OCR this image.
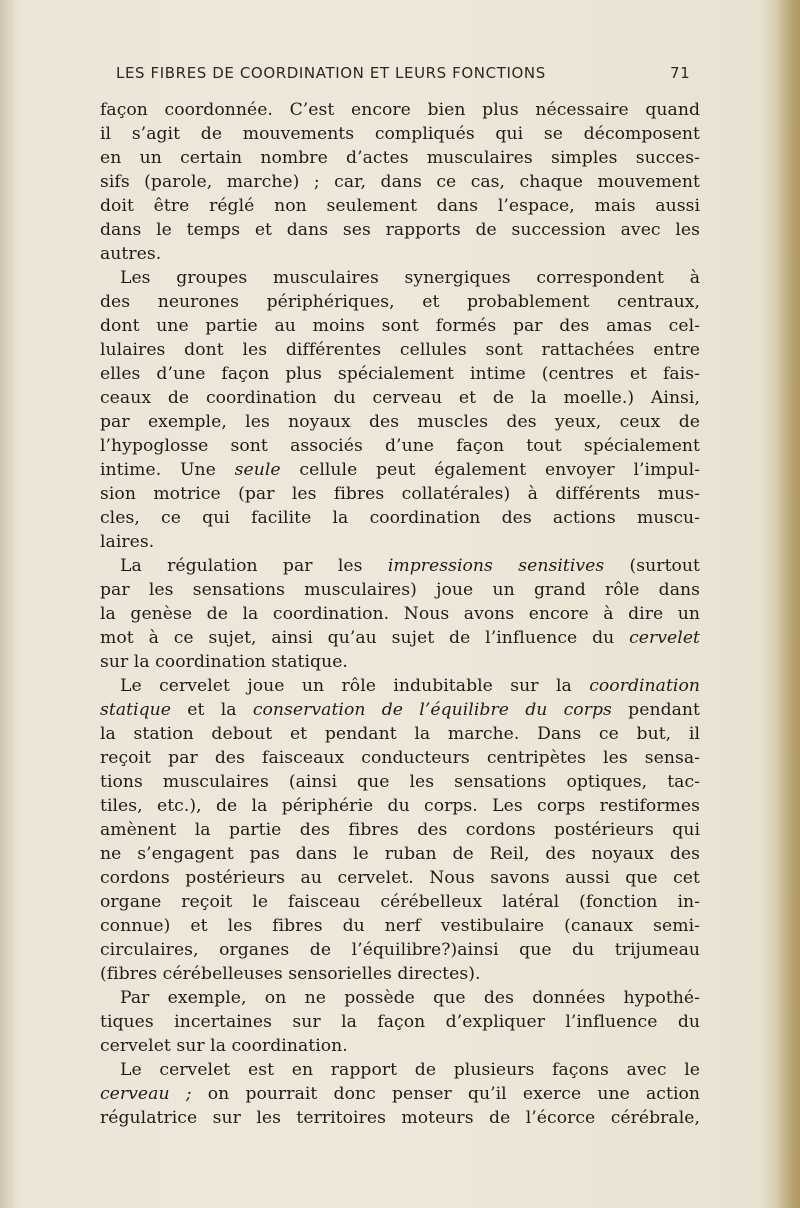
LES FIBRES DE COORDINATION ET LEURS FONCTIONS	71
façon coordonnée. C’est encore bien plus nécessaire quand
il s’agit de mouvements compliqués qui se décomposent
en un certain nombre d’actes musculaires simples succes-
sifs (parole, marche) ; car, dans ce cas, chaque mouvement
doit être réglé non seulement dans l’espace, mais aussi
dans le temps et dans ses rapports de succession avec les
autres.
Les groupes musculaires synergiques correspondent à
des neurones périphériques, et probablement centraux,
dont une partie au moins sont formés par des amas cel-
lulaires dont les différentes cellules sont rattachées entre
elles d’une façon plus spécialement intime (centres et fais-
ceaux de coordination du cerveau et de la moelle.) Ainsi,
par exemple, les noyaux des muscles des yeux, ceux de
l’hypoglosse sont associés d’une façon tout spécialement
intime. Une seule cellule peut également envoyer l’impul-
sion motrice (par les fibres collatérales) à différents mus-
cles, ce qui facilite la coordination des actions muscu-
laires.
La régulation par les impressions sensitives (surtout
par les sensations musculaires) joue un grand rôle dans
la genèse de la coordination. Nous avons encore à dire un
mot à ce sujet, ainsi qu’au sujet de l’influence du cervelet
sur la coordination statique.
Le cervelet joue un rôle indubitable sur la coordination
statique et la conservation de l’équilibre du corps pendant
la station debout et pendant la marche. Dans ce but, il
reçoit par des faisceaux conducteurs centripètes les sensa-
tions musculaires (ainsi que les sensations optiques, tac-
tiles, etc.), de la périphérie du corps. Les corps restiformes
amènent la partie des fibres des cordons postérieurs qui
ne s’engagent pas dans le ruban de Reil, des noyaux des
cordons postérieurs au cervelet. Nous savons aussi que cet
organe reçoit le faisceau cérébelleux latéral (fonction in-
connue) et les fibres du nerf vestibulaire (canaux semi-
circulaires, organes de l’équilibre?)ainsi que du trijumeau
(fibres cérébelleuses sensorielles directes).
Par exemple, on ne possède que des données hypothé-
tiques incertaines sur la façon d’expliquer l’influence du
cervelet sur la coordination.
Le cervelet est en rapport de plusieurs façons avec le
cerveau ; on pourrait donc penser qu’il exerce une action
régulatrice sur les territoires moteurs de l’écorce cérébrale,
